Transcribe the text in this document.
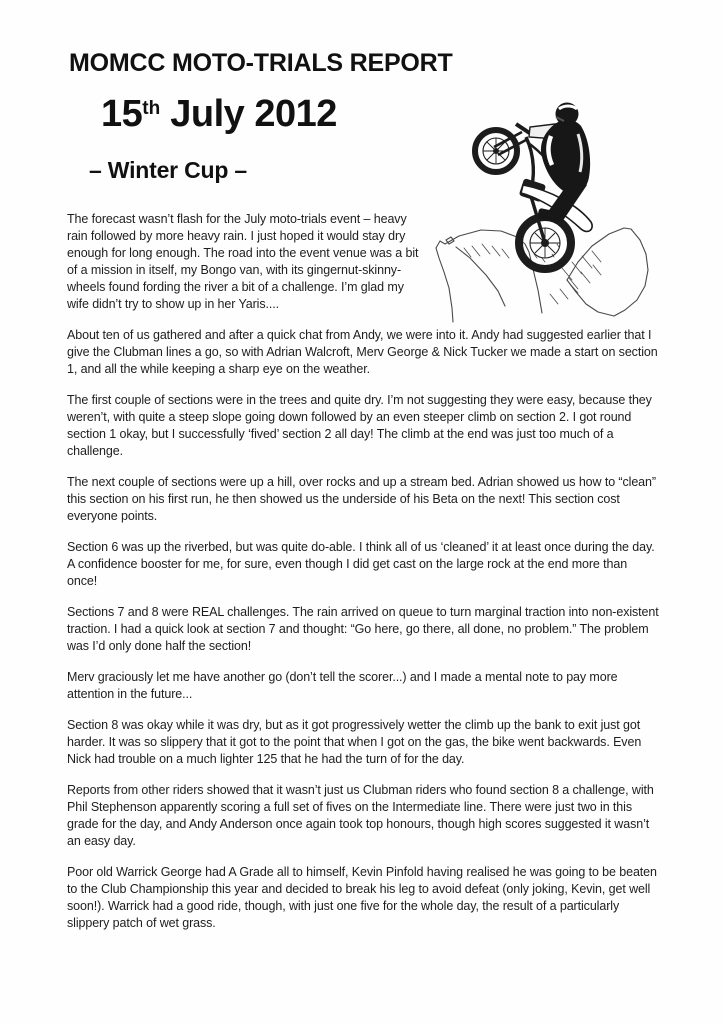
MOMCC MOTO-TRIALS REPORT
15th July 2012
– Winter Cup –

The forecast wasn’t flash for the July moto-trials event – heavy rain followed by more heavy rain. I just hoped it would stay dry enough for long enough. The road into the event venue was a bit of a mission in itself, my Bongo van, with its gingernut-skinny-wheels found fording the river a bit of a challenge. I’m glad my wife didn’t try to show up in her Yaris....

About ten of us gathered and after a quick chat from Andy, we were into it. Andy had suggested earlier that I give the Clubman lines a go, so with Adrian Walcroft, Merv George & Nick Tucker we made a start on section 1, and all the while keeping a sharp eye on the weather.

The first couple of sections were in the trees and quite dry. I’m not suggesting they were easy, because they weren’t, with quite a steep slope going down followed by an even steeper climb on section 2. I got round section 1 okay, but I successfully ‘fived’ section 2 all day! The climb at the end was just too much of a challenge.

The next couple of sections were up a hill, over rocks and up a stream bed. Adrian showed us how to “clean” this section on his first run, he then showed us the underside of his Beta on the next! This section cost everyone points.

Section 6 was up the riverbed, but was quite do-able. I think all of us ‘cleaned’ it at least once during the day. A confidence booster for me, for sure, even though I did get cast on the large rock at the end more than once!

Sections 7 and 8 were REAL challenges. The rain arrived on queue to turn marginal traction into non-existent traction. I had a quick look at section 7 and thought: “Go here, go there, all done, no problem.” The problem was I’d only done half the section!

Merv graciously let me have another go (don’t tell the scorer...) and I made a mental note to pay more attention in the future...

Section 8 was okay while it was dry, but as it got progressively wetter the climb up the bank to exit just got harder. It was so slippery that it got to the point that when I got on the gas, the bike went backwards. Even Nick had trouble on a much lighter 125 that he had the turn of for the day.

Reports from other riders showed that it wasn’t just us Clubman riders who found section 8 a challenge, with Phil Stephenson apparently scoring a full set of fives on the Intermediate line. There were just two in this grade for the day, and Andy Anderson once again took top honours, though high scores suggested it wasn’t an easy day.

Poor old Warrick George had A Grade all to himself, Kevin Pinfold having realised he was going to be beaten to the Club Championship this year and decided to break his leg to avoid defeat (only joking, Kevin, get well soon!). Warrick had a good ride, though, with just one five for the whole day, the result of a particularly slippery patch of wet grass.
